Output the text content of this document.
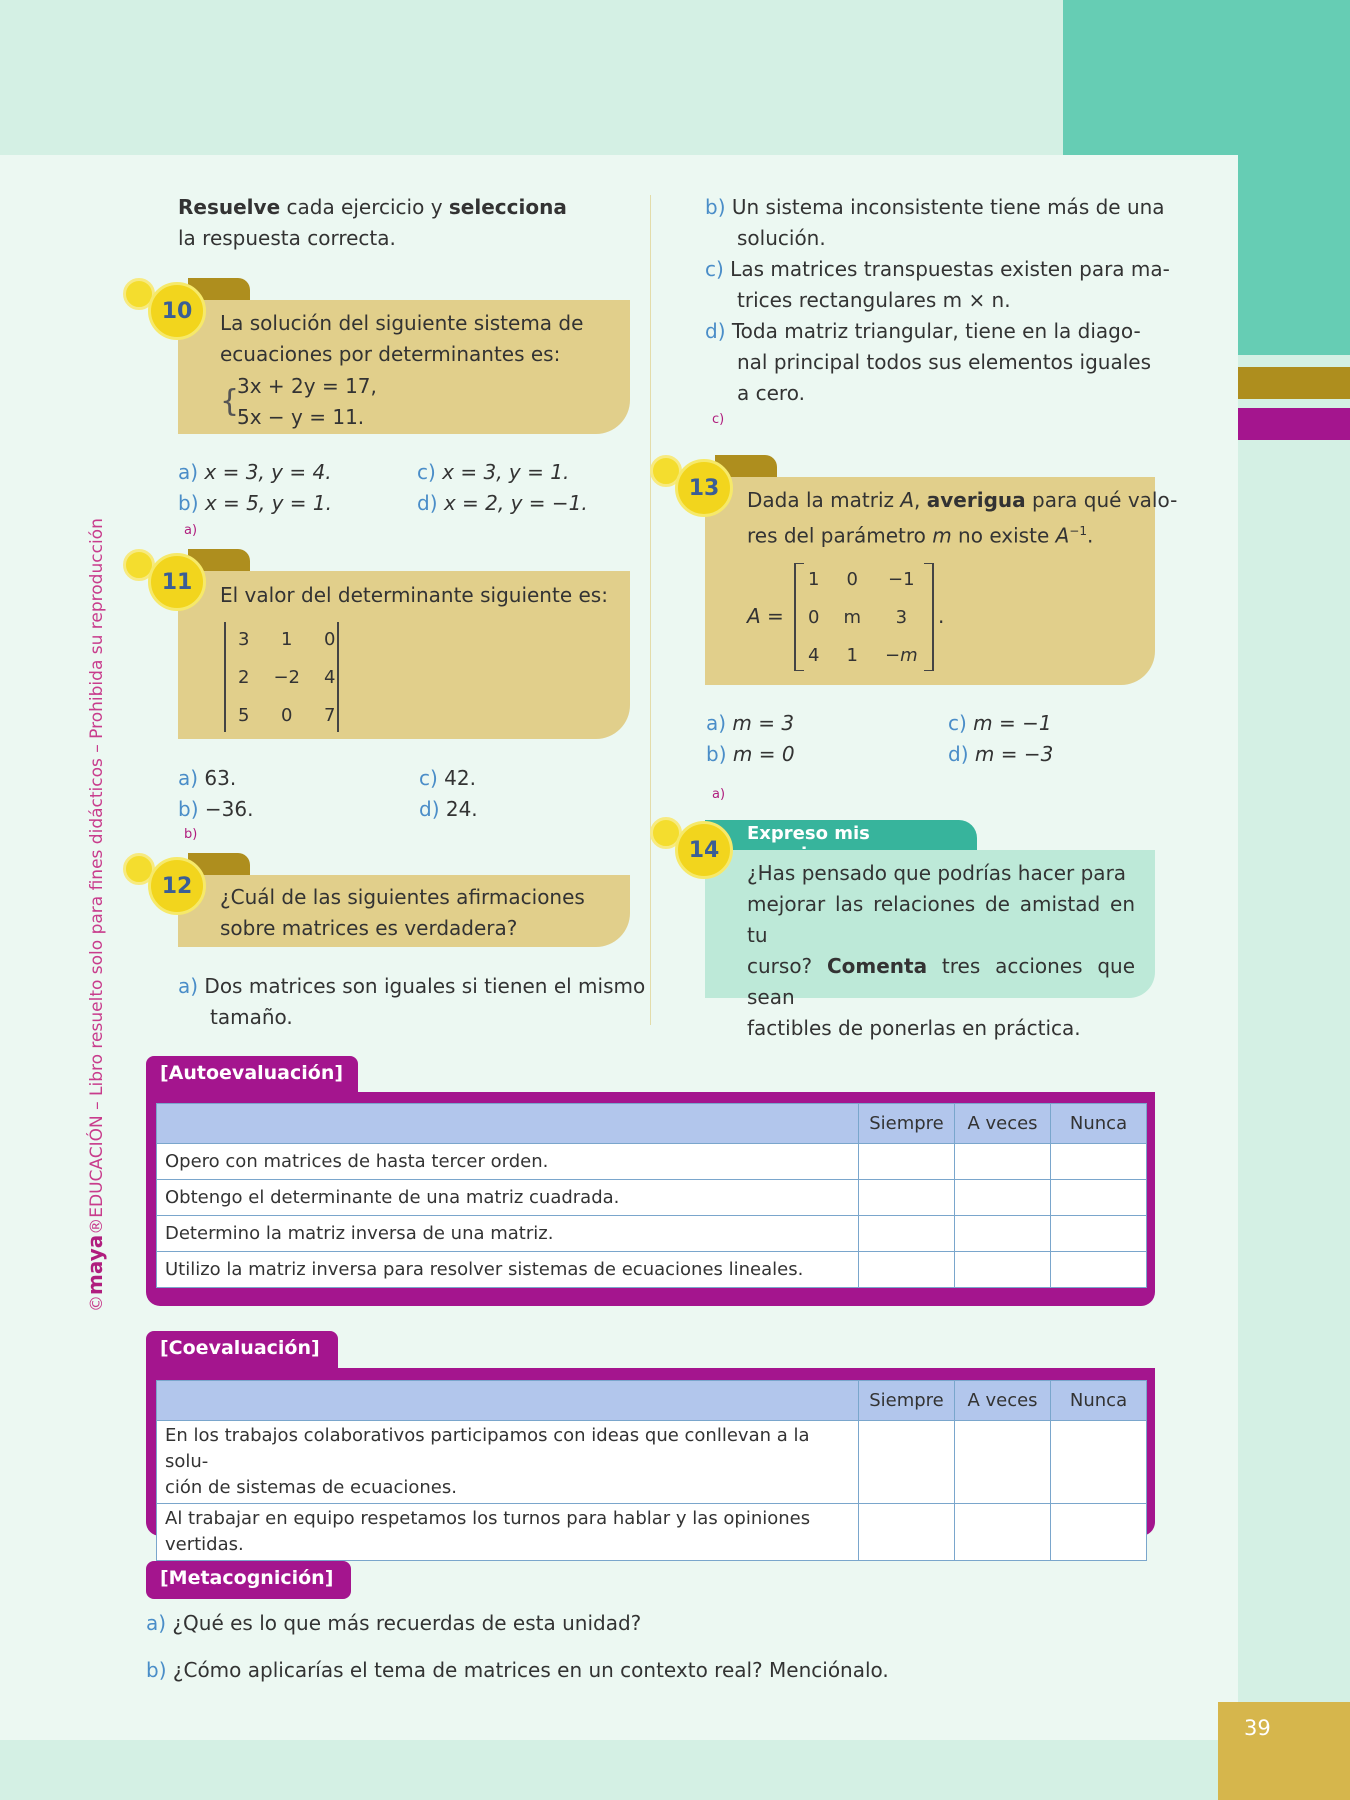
39
©maya®EDUCACIÓN – Libro resuelto solo para fines didácticos – Prohibida su reproducción
Resuelve cada ejercicio y selecciona
la respuesta correcta.
10	La solución del siguiente sistema de
ecuaciones por determinantes es:
{
3x + 2y = 17,
5x − y = 11.
a) x = 3, y = 4.
b) x = 5, y = 1.
c) x = 3, y = 1.
d) x = 2, y = −1.
a)
11
El valor del determinante siguiente es:
3	1	0
2	−2	4
5	0	7
a) 63.
b) −36.
c) 42.
d) 24.
b)
12	¿Cuál de las siguientes afirmaciones
sobre matrices es verdadera?
a) Dos matrices son iguales si tienen el mismo
tamaño.
b) Un sistema inconsistente tiene más de una
solución.
c) Las matrices transpuestas existen para ma-
trices rectangulares m × n.
d) Toda matriz triangular, tiene en la diago-
nal principal todos sus elementos iguales
a cero.
c)
13	Dada la matriz A, averigua para qué valo-
res del parámetro m no existe $A^{-1}$.
A =
1	0	−1
0	m	3
4	1	−m
.
a) m = 3
b) m = 0
c) m = −1
d) m = −3
a)
Expreso mis
14
¿Has pensado que podrías hacer para
mejorar las relaciones de amistad en tu
curso? Comenta tres acciones que sean
factibles de ponerlas en práctica.
[Autoevaluación]
	Siempre	A veces	Nunca
Opero con matrices de hasta tercer orden.			
Obtengo el determinante de una matriz cuadrada.			
Determino la matriz inversa de una matriz.			
Utilizo la matriz inversa para resolver sistemas de ecuaciones lineales.			
[Coevaluación]
	Siempre	A veces	Nunca
En los trabajos colaborativos participamos con ideas que conllevan a la solu-
ción de sistemas de ecuaciones.			
Al trabajar en equipo respetamos los turnos para hablar y las opiniones vertidas.			
[Metacognición]
a) ¿Qué es lo que más recuerdas de esta unidad?
b) ¿Cómo aplicarías el tema de matrices en un contexto real? Menciónalo.
